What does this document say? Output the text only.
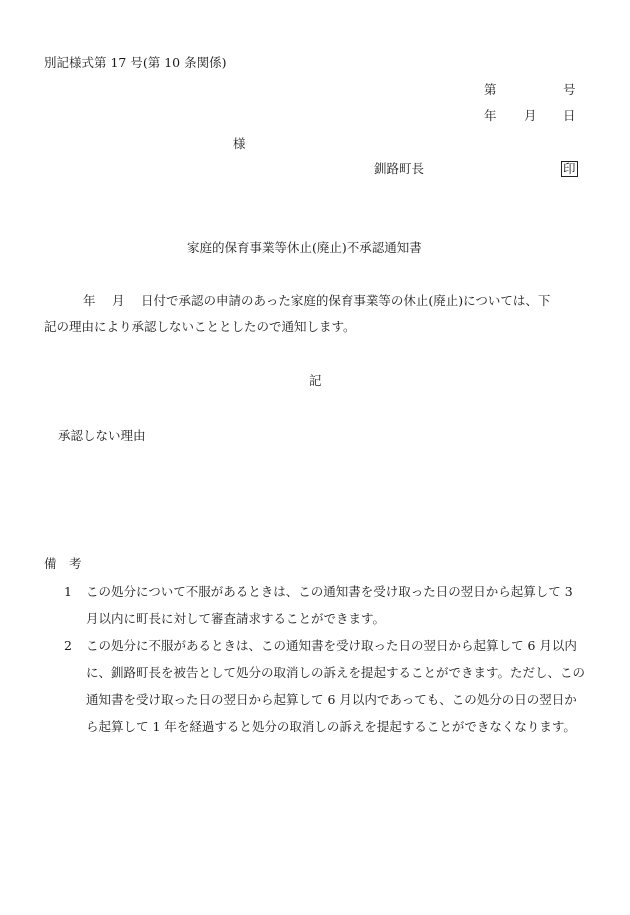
別記様式第 17 号(第 10 条関係)
第	号
年 月 日
様
釧路町長	印
家庭的保育事業等休止(廃止)不承認通知書
年　 月　 日付で承認の申請のあった家庭的保育事業等の休止(廃止)については、下
記の理由により承認しないこととしたので通知します。
記
承認しない理由
備　考
1	この処分について不服があるときは、この通知書を受け取った日の翌日から起算して 3 月以内に町長に対して審査請求することができます。
2	この処分に不服があるときは、この通知書を受け取った日の翌日から起算して 6 月以内に、釧路町長を被告として処分の取消しの訴えを提起することができます。ただし、この通知書を受け取った日の翌日から起算して 6 月以内であっても、この処分の日の翌日から起算して 1 年を経過すると処分の取消しの訴えを提起することができなくなります。
